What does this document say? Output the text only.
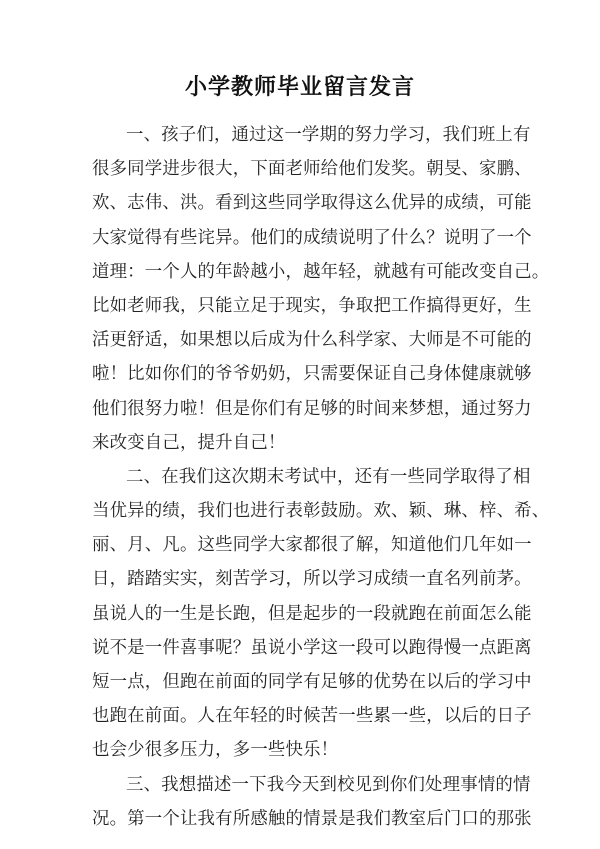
小学教师毕业留言发言
一、孩子们，通过这一学期的努力学习，我们班上有
很多同学进步很大，下面老师给他们发奖。朝旻、家鹏、
欢、志伟、洪。看到这些同学取得这么优异的成绩，可能
大家觉得有些诧异。他们的成绩说明了什么？说明了一个
道理：一个人的年龄越小，越年轻，就越有可能改变自己。
比如老师我，只能立足于现实，争取把工作搞得更好，生
活更舒适，如果想以后成为什么科学家、大师是不可能的
啦！比如你们的爷爷奶奶，只需要保证自己身体健康就够
他们很努力啦！但是你们有足够的时间来梦想，通过努力
来改变自己，提升自己！
二、在我们这次期末考试中，还有一些同学取得了相
当优异的绩，我们也进行表彰鼓励。欢、颖、琳、梓、希、
丽、月、凡。这些同学大家都很了解，知道他们几年如一
日，踏踏实实，刻苦学习，所以学习成绩一直名列前茅。
虽说人的一生是长跑，但是起步的一段就跑在前面怎么能
说不是一件喜事呢？虽说小学这一段可以跑得慢一点距离
短一点，但跑在前面的同学有足够的优势在以后的学习中
也跑在前面。人在年轻的时候苦一些累一些，以后的日子
也会少很多压力，多一些快乐！
三、我想描述一下我今天到校见到你们处理事情的情
况。第一个让我有所感触的情景是我们教室后门口的那张
